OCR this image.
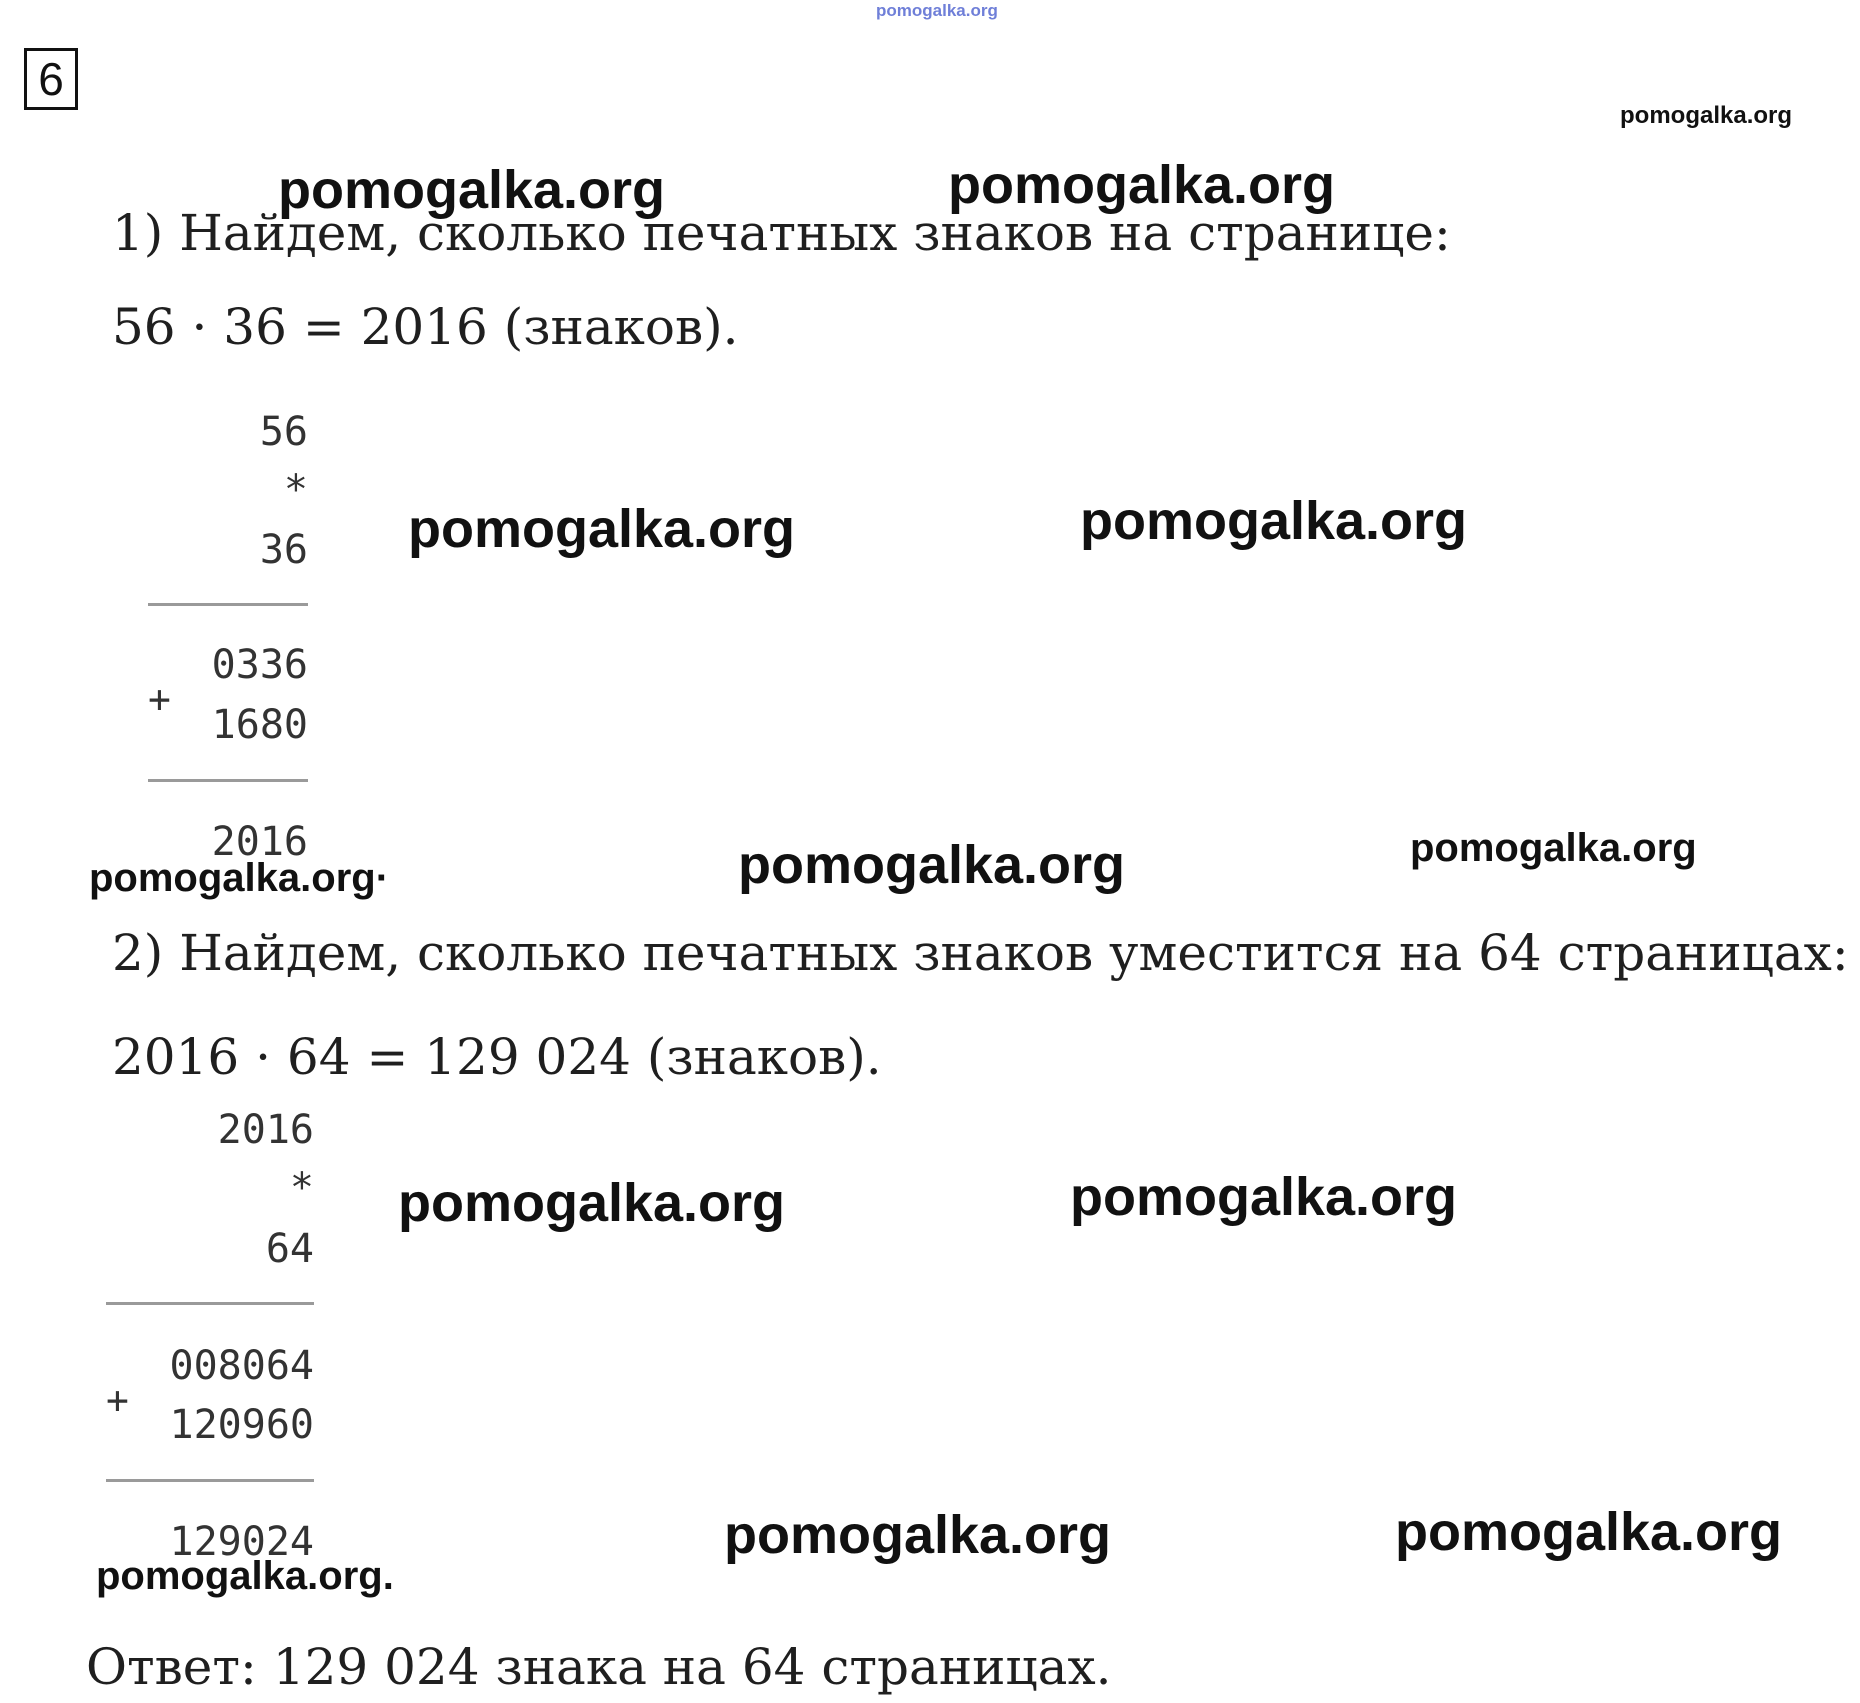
6
pomogalka.org
pomogalka.org
pomogalka.org	pomogalka.org
1) Найдем, сколько печатных знаков на странице:
56 · 36 = 2016 (знаков).
56
*
36
0336
+
1680
2016
pomogalka.org	pomogalka.org
pomogalka.org·	pomogalka.org	pomogalka.org
2) Найдем, сколько печатных знаков уместится на 64 страницах:
2016 · 64 = 129 024 (знаков).
2016
*
64
008064
+
120960
129024
pomogalka.org	pomogalka.org
pomogalka.org	pomogalka.org
pomogalka.org.
Ответ: 129 024 знака на 64 страницах.
